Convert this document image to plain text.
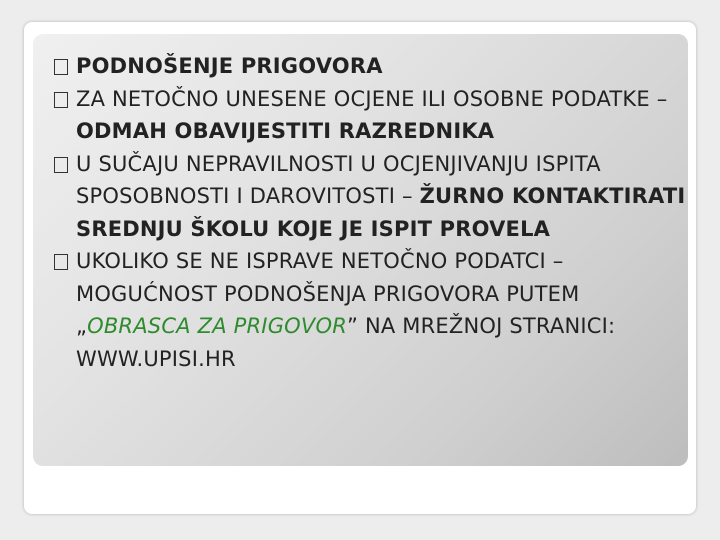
PODNOŠENJE PRIGOVORA

ZA NETOČNO UNESENE OCJENE ILI OSOBNE PODATKE – ODMAH OBAVIJESTITI RAZREDNIKA

U SUČAJU NEPRAVILNOSTI U OCJENJIVANJU ISPITA SPOSOBNOSTI I DAROVITOSTI – ŽURNO KONTAKTIRATI SREDNJU ŠKOLU KOJE JE ISPIT PROVELA

UKOLIKO SE NE ISPRAVE NETOČNO PODATCI – MOGUĆNOST PODNOŠENJA PRIGOVORA PUTEM „OBRASCA ZA PRIGOVOR” NA MREŽNOJ STRANICI: WWW.UPISI.HR
